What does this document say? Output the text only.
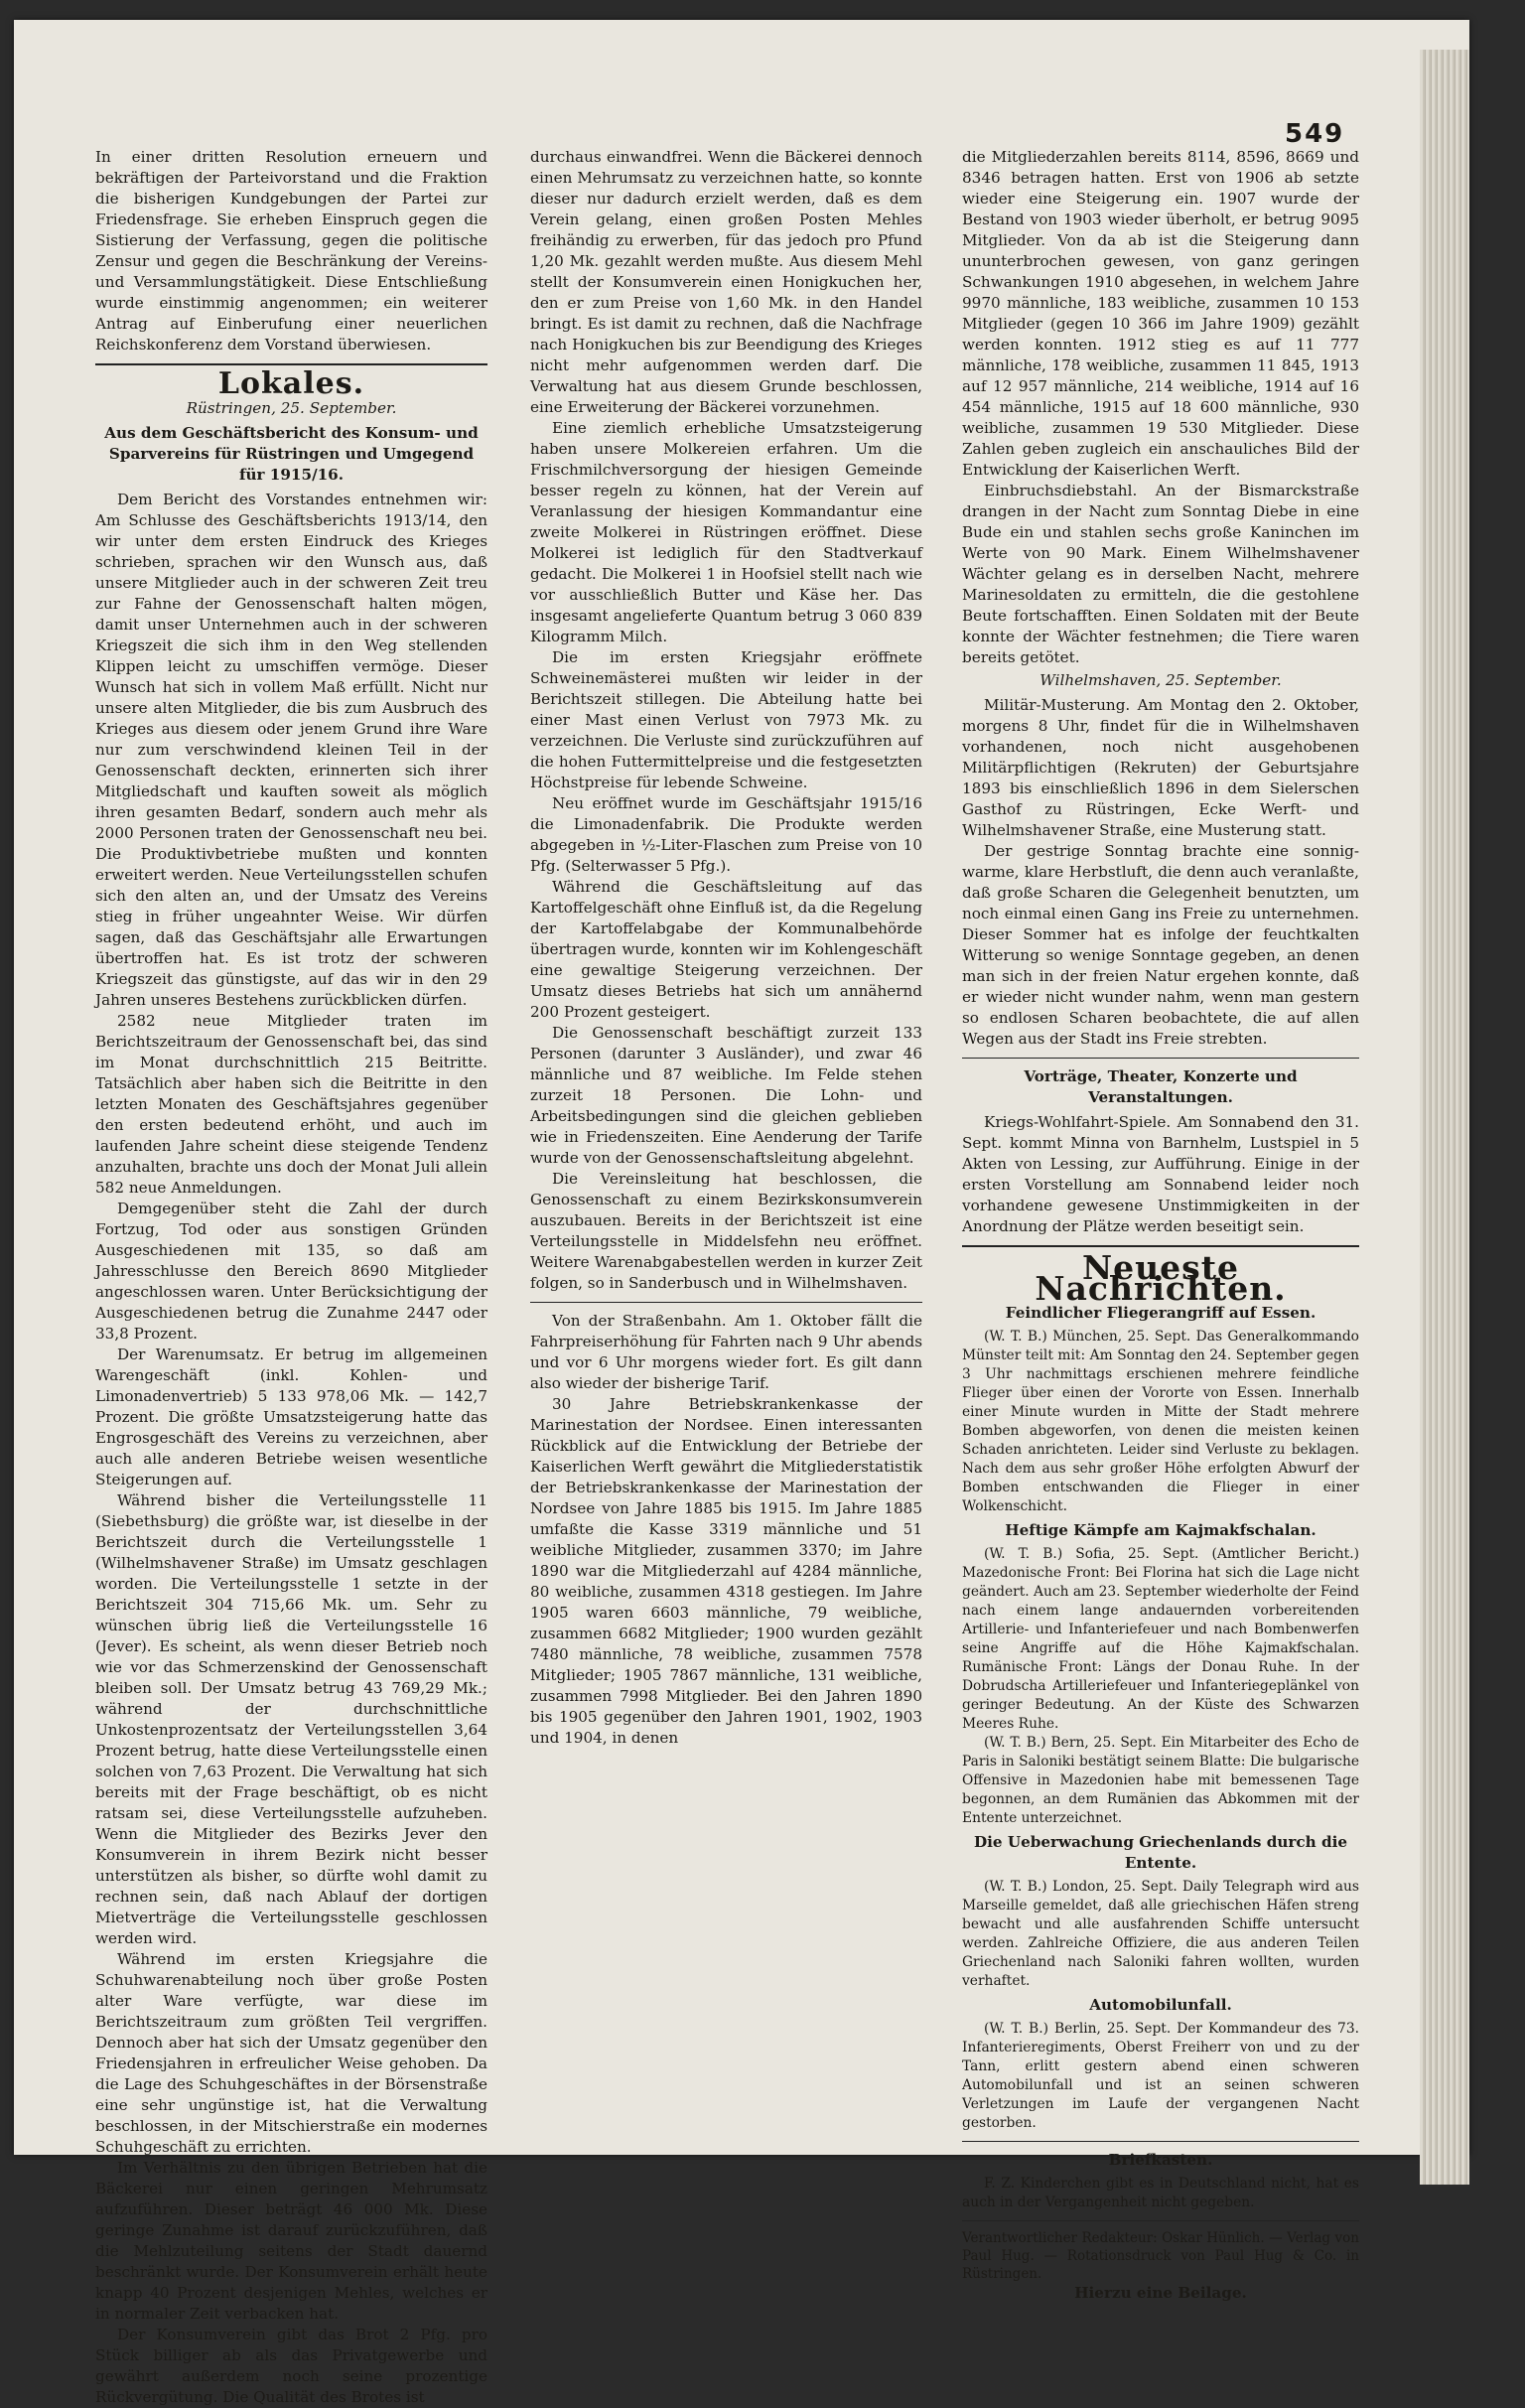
549

In einer dritten Resolution erneuern und bekräftigen der Parteivorstand und die Fraktion die bisherigen Kundgebungen der Partei zur Friedensfrage. Sie erheben Einspruch gegen die Sistierung der Verfassung, gegen die politische Zensur und gegen die Beschränkung der Vereins- und Versammlungstätigkeit. Diese Entschließung wurde einstimmig angenommen; ein weiterer Antrag auf Einberufung einer neuerlichen Reichskonferenz dem Vorstand überwiesen.

Lokales.
Rüstringen, 25. September.
Aus dem Geschäftsbericht des Konsum- und Sparvereins für Rüstringen und Umgegend für 1915/16.

Dem Bericht des Vorstandes entnehmen wir: Am Schlusse des Geschäftsberichts 1913/14, den wir unter dem ersten Eindruck des Krieges schrieben, sprachen wir den Wunsch aus, daß unsere Mitglieder auch in der schweren Zeit treu zur Fahne der Genossenschaft halten mögen, damit unser Unternehmen auch in der schweren Kriegszeit die sich ihm in den Weg stellenden Klippen leicht zu umschiffen vermöge. Dieser Wunsch hat sich in vollem Maß erfüllt. Nicht nur unsere alten Mitglieder, die bis zum Ausbruch des Krieges aus diesem oder jenem Grund ihre Ware nur zum verschwindend kleinen Teil in der Genossenschaft deckten, erinnerten sich ihrer Mitgliedschaft und kauften soweit als möglich ihren gesamten Bedarf, sondern auch mehr als 2000 Personen traten der Genossenschaft neu bei. Die Produktivbetriebe mußten und konnten erweitert werden. Neue Verteilungsstellen schufen sich den alten an, und der Umsatz des Vereins stieg in früher ungeahnter Weise. Wir dürfen sagen, daß das Geschäftsjahr alle Erwartungen übertroffen hat. Es ist trotz der schweren Kriegszeit das günstigste, auf das wir in den 29 Jahren unseres Bestehens zurückblicken dürfen.

2582 neue Mitglieder traten im Berichtszeitraum der Genossenschaft bei, das sind im Monat durchschnittlich 215 Beitritte. Tatsächlich aber haben sich die Beitritte in den letzten Monaten des Geschäftsjahres gegenüber den ersten bedeutend erhöht, und auch im laufenden Jahre scheint diese steigende Tendenz anzuhalten, brachte uns doch der Monat Juli allein 582 neue Anmeldungen.

Demgegenüber steht die Zahl der durch Fortzug, Tod oder aus sonstigen Gründen Ausgeschiedenen mit 135, so daß am Jahresschlusse den Bereich 8690 Mitglieder angeschlossen waren. Unter Berücksichtigung der Ausgeschiedenen betrug die Zunahme 2447 oder 33,8 Prozent.

Der Warenumsatz. Er betrug im allgemeinen Warengeschäft (inkl. Kohlen- und Limonadenvertrieb) 5 133 978,06 Mk. — 142,7 Prozent. Die größte Umsatzsteigerung hatte das Engrosgeschäft des Vereins zu verzeichnen, aber auch alle anderen Betriebe weisen wesentliche Steigerungen auf.

Während bisher die Verteilungsstelle 11 (Siebethsburg) die größte war, ist dieselbe in der Berichtszeit durch die Verteilungsstelle 1 (Wilhelmshavener Straße) im Umsatz geschlagen worden. Die Verteilungsstelle 1 setzte in der Berichtszeit 304 715,66 Mk. um. Sehr zu wünschen übrig ließ die Verteilungsstelle 16 (Jever). Es scheint, als wenn dieser Betrieb noch wie vor das Schmerzenskind der Genossenschaft bleiben soll. Der Umsatz betrug 43 769,29 Mk.; während der durchschnittliche Unkostenprozentsatz der Verteilungsstellen 3,64 Prozent betrug, hatte diese Verteilungsstelle einen solchen von 7,63 Prozent. Die Verwaltung hat sich bereits mit der Frage beschäftigt, ob es nicht ratsam sei, diese Verteilungsstelle aufzuheben. Wenn die Mitglieder des Bezirks Jever den Konsumverein in ihrem Bezirk nicht besser unterstützen als bisher, so dürfte wohl damit zu rechnen sein, daß nach Ablauf der dortigen Mietverträge die Verteilungsstelle geschlossen werden wird.

Während im ersten Kriegsjahre die Schuhwarenabteilung noch über große Posten alter Ware verfügte, war diese im Berichtszeitraum zum größten Teil vergriffen. Dennoch aber hat sich der Umsatz gegenüber den Friedensjahren in erfreulicher Weise gehoben. Da die Lage des Schuhgeschäftes in der Börsenstraße eine sehr ungünstige ist, hat die Verwaltung beschlossen, in der Mitschierstraße ein modernes Schuhgeschäft zu errichten.

Im Verhältnis zu den übrigen Betrieben hat die Bäckerei nur einen geringen Mehrumsatz aufzuführen. Dieser beträgt 46 000 Mk. Diese geringe Zunahme ist darauf zurückzuführen, daß die Mehlzuteilung seitens der Stadt dauernd beschränkt wurde. Der Konsumverein erhält heute knapp 40 Prozent desjenigen Mehles, welches er in normaler Zeit verbacken hat.

Der Konsumverein gibt das Brot 2 Pfg. pro Stück billiger ab als das Privatgewerbe und gewährt außerdem noch seine prozentige Rückvergütung. Die Qualität des Brotes ist

durchaus einwandfrei. Wenn die Bäckerei dennoch einen Mehrumsatz zu verzeichnen hatte, so konnte dieser nur dadurch erzielt werden, daß es dem Verein gelang, einen großen Posten Mehles freihändig zu erwerben, für das jedoch pro Pfund 1,20 Mk. gezahlt werden mußte. Aus diesem Mehl stellt der Konsumverein einen Honigkuchen her, den er zum Preise von 1,60 Mk. in den Handel bringt. Es ist damit zu rechnen, daß die Nachfrage nach Honigkuchen bis zur Beendigung des Krieges nicht mehr aufgenommen werden darf. Die Verwaltung hat aus diesem Grunde beschlossen, eine Erweiterung der Bäckerei vorzunehmen.

Eine ziemlich erhebliche Umsatzsteigerung haben unsere Molkereien erfahren. Um die Frischmilchversorgung der hiesigen Gemeinde besser regeln zu können, hat der Verein auf Veranlassung der hiesigen Kommandantur eine zweite Molkerei in Rüstringen eröffnet. Diese Molkerei ist lediglich für den Stadtverkauf gedacht. Die Molkerei 1 in Hoofsiel stellt nach wie vor ausschließlich Butter und Käse her. Das insgesamt angelieferte Quantum betrug 3 060 839 Kilogramm Milch.

Die im ersten Kriegsjahr eröffnete Schweinemästerei mußten wir leider in der Berichtszeit stillegen. Die Abteilung hatte bei einer Mast einen Verlust von 7973 Mk. zu verzeichnen. Die Verluste sind zurückzuführen auf die hohen Futtermittelpreise und die festgesetzten Höchstpreise für lebende Schweine.

Neu eröffnet wurde im Geschäftsjahr 1915/16 die Limonadenfabrik. Die Produkte werden abgegeben in ½-Liter-Flaschen zum Preise von 10 Pfg. (Selterwasser 5 Pfg.).

Während die Geschäftsleitung auf das Kartoffelgeschäft ohne Einfluß ist, da die Regelung der Kartoffelabgabe der Kommunalbehörde übertragen wurde, konnten wir im Kohlengeschäft eine gewaltige Steigerung verzeichnen. Der Umsatz dieses Betriebs hat sich um annähernd 200 Prozent gesteigert.

Die Genossenschaft beschäftigt zurzeit 133 Personen (darunter 3 Ausländer), und zwar 46 männliche und 87 weibliche. Im Felde stehen zurzeit 18 Personen. Die Lohn- und Arbeitsbedingungen sind die gleichen geblieben wie in Friedenszeiten. Eine Aenderung der Tarife wurde von der Genossenschaftsleitung abgelehnt.

Die Vereinsleitung hat beschlossen, die Genossenschaft zu einem Bezirkskonsumverein auszubauen. Bereits in der Berichtszeit ist eine Verteilungsstelle in Middelsfehn neu eröffnet. Weitere Warenabgabestellen werden in kurzer Zeit folgen, so in Sanderbusch und in Wilhelmshaven.

Von der Straßenbahn. Am 1. Oktober fällt die Fahrpreiserhöhung für Fahrten nach 9 Uhr abends und vor 6 Uhr morgens wieder fort. Es gilt dann also wieder der bisherige Tarif.

30 Jahre Betriebskrankenkasse der Marinestation der Nordsee. Einen interessanten Rückblick auf die Entwicklung der Betriebe der Kaiserlichen Werft gewährt die Mitgliederstatistik der Betriebskrankenkasse der Marinestation der Nordsee von Jahre 1885 bis 1915. Im Jahre 1885 umfaßte die Kasse 3319 männliche und 51 weibliche Mitglieder, zusammen 3370; im Jahre 1890 war die Mitgliederzahl auf 4284 männliche, 80 weibliche, zusammen 4318 gestiegen. Im Jahre 1905 waren 6603 männliche, 79 weibliche, zusammen 6682 Mitglieder; 1900 wurden gezählt 7480 männliche, 78 weibliche, zusammen 7578 Mitglieder; 1905 7867 männliche, 131 weibliche, zusammen 7998 Mitglieder. Bei den Jahren 1890 bis 1905 gegenüber den Jahren 1901, 1902, 1903 und 1904, in denen

die Mitgliederzahlen bereits 8114, 8596, 8669 und 8346 betragen hatten. Erst von 1906 ab setzte wieder eine Steigerung ein. 1907 wurde der Bestand von 1903 wieder überholt, er betrug 9095 Mitglieder. Von da ab ist die Steigerung dann ununterbrochen gewesen, von ganz geringen Schwankungen 1910 abgesehen, in welchem Jahre 9970 männliche, 183 weibliche, zusammen 10 153 Mitglieder (gegen 10 366 im Jahre 1909) gezählt werden konnten. 1912 stieg es auf 11 777 männliche, 178 weibliche, zusammen 11 845, 1913 auf 12 957 männliche, 214 weibliche, 1914 auf 16 454 männliche, 1915 auf 18 600 männliche, 930 weibliche, zusammen 19 530 Mitglieder. Diese Zahlen geben zugleich ein anschauliches Bild der Entwicklung der Kaiserlichen Werft.

Einbruchsdiebstahl. An der Bismarckstraße drangen in der Nacht zum Sonntag Diebe in eine Bude ein und stahlen sechs große Kaninchen im Werte von 90 Mark. Einem Wilhelmshavener Wächter gelang es in derselben Nacht, mehrere Marinesoldaten zu ermitteln, die die gestohlene Beute fortschafften. Einen Soldaten mit der Beute konnte der Wächter festnehmen; die Tiere waren bereits getötet.

Wilhelmshaven, 25. September.

Militär-Musterung. Am Montag den 2. Oktober, morgens 8 Uhr, findet für die in Wilhelmshaven vorhandenen, noch nicht ausgehobenen Militärpflichtigen (Rekruten) der Geburtsjahre 1893 bis einschließlich 1896 in dem Sielerschen Gasthof zu Rüstringen, Ecke Werft- und Wilhelmshavener Straße, eine Musterung statt.

Der gestrige Sonntag brachte eine sonnig-warme, klare Herbstluft, die denn auch veranlaßte, daß große Scharen die Gelegenheit benutzten, um noch einmal einen Gang ins Freie zu unternehmen. Dieser Sommer hat es infolge der feuchtkalten Witterung so wenige Sonntage gegeben, an denen man sich in der freien Natur ergehen konnte, daß er wieder nicht wunder nahm, wenn man gestern so endlosen Scharen beobachtete, die auf allen Wegen aus der Stadt ins Freie strebten.

Vorträge, Theater, Konzerte und Veranstaltungen.

Kriegs-Wohlfahrt-Spiele. Am Sonnabend den 31. Sept. kommt Minna von Barnhelm, Lustspiel in 5 Akten von Lessing, zur Aufführung. Einige in der ersten Vorstellung am Sonnabend leider noch vorhandene gewesene Unstimmigkeiten in der Anordnung der Plätze werden beseitigt sein.

Neueste Nachrichten.
Feindlicher Fliegerangriff auf Essen.

(W. T. B.) München, 25. Sept. Das Generalkommando Münster teilt mit: Am Sonntag den 24. September gegen 3 Uhr nachmittags erschienen mehrere feindliche Flieger über einen der Vororte von Essen. Innerhalb einer Minute wurden in Mitte der Stadt mehrere Bomben abgeworfen, von denen die meisten keinen Schaden anrichteten. Leider sind Verluste zu beklagen. Nach dem aus sehr großer Höhe erfolgten Abwurf der Bomben entschwanden die Flieger in einer Wolkenschicht.

Heftige Kämpfe am Kajmakfschalan.

(W. T. B.) Sofia, 25. Sept. (Amtlicher Bericht.) Mazedonische Front: Bei Florina hat sich die Lage nicht geändert. Auch am 23. September wiederholte der Feind nach einem lange andauernden vorbereitenden Artillerie- und Infanteriefeuer und nach Bombenwerfen seine Angriffe auf die Höhe Kajmakfschalan. Rumänische Front: Längs der Donau Ruhe. In der Dobrudscha Artilleriefeuer und Infanteriegeplänkel von geringer Bedeutung. An der Küste des Schwarzen Meeres Ruhe.

(W. T. B.) Bern, 25. Sept. Ein Mitarbeiter des Echo de Paris in Saloniki bestätigt seinem Blatte: Die bulgarische Offensive in Mazedonien habe mit bemessenen Tage begonnen, an dem Rumänien das Abkommen mit der Entente unterzeichnet.

Die Ueberwachung Griechenlands durch die Entente.

(W. T. B.) London, 25. Sept. Daily Telegraph wird aus Marseille gemeldet, daß alle griechischen Häfen streng bewacht und alle ausfahrenden Schiffe untersucht werden. Zahlreiche Offiziere, die aus anderen Teilen Griechenland nach Saloniki fahren wollten, wurden verhaftet.

Automobilunfall.

(W. T. B.) Berlin, 25. Sept. Der Kommandeur des 73. Infanterieregiments, Oberst Freiherr von und zu der Tann, erlitt gestern abend einen schweren Automobilunfall und ist an seinen schweren Verletzungen im Laufe der vergangenen Nacht gestorben.

Briefkasten.

F. Z. Kinderchen gibt es in Deutschland nicht, hat es auch in der Vergangenheit nicht gegeben.

Verantwortlicher Redakteur: Oskar Hünlich. — Verlag von Paul Hug. — Rotationsdruck von Paul Hug & Co. in Rüstringen.
Hierzu eine Beilage.
